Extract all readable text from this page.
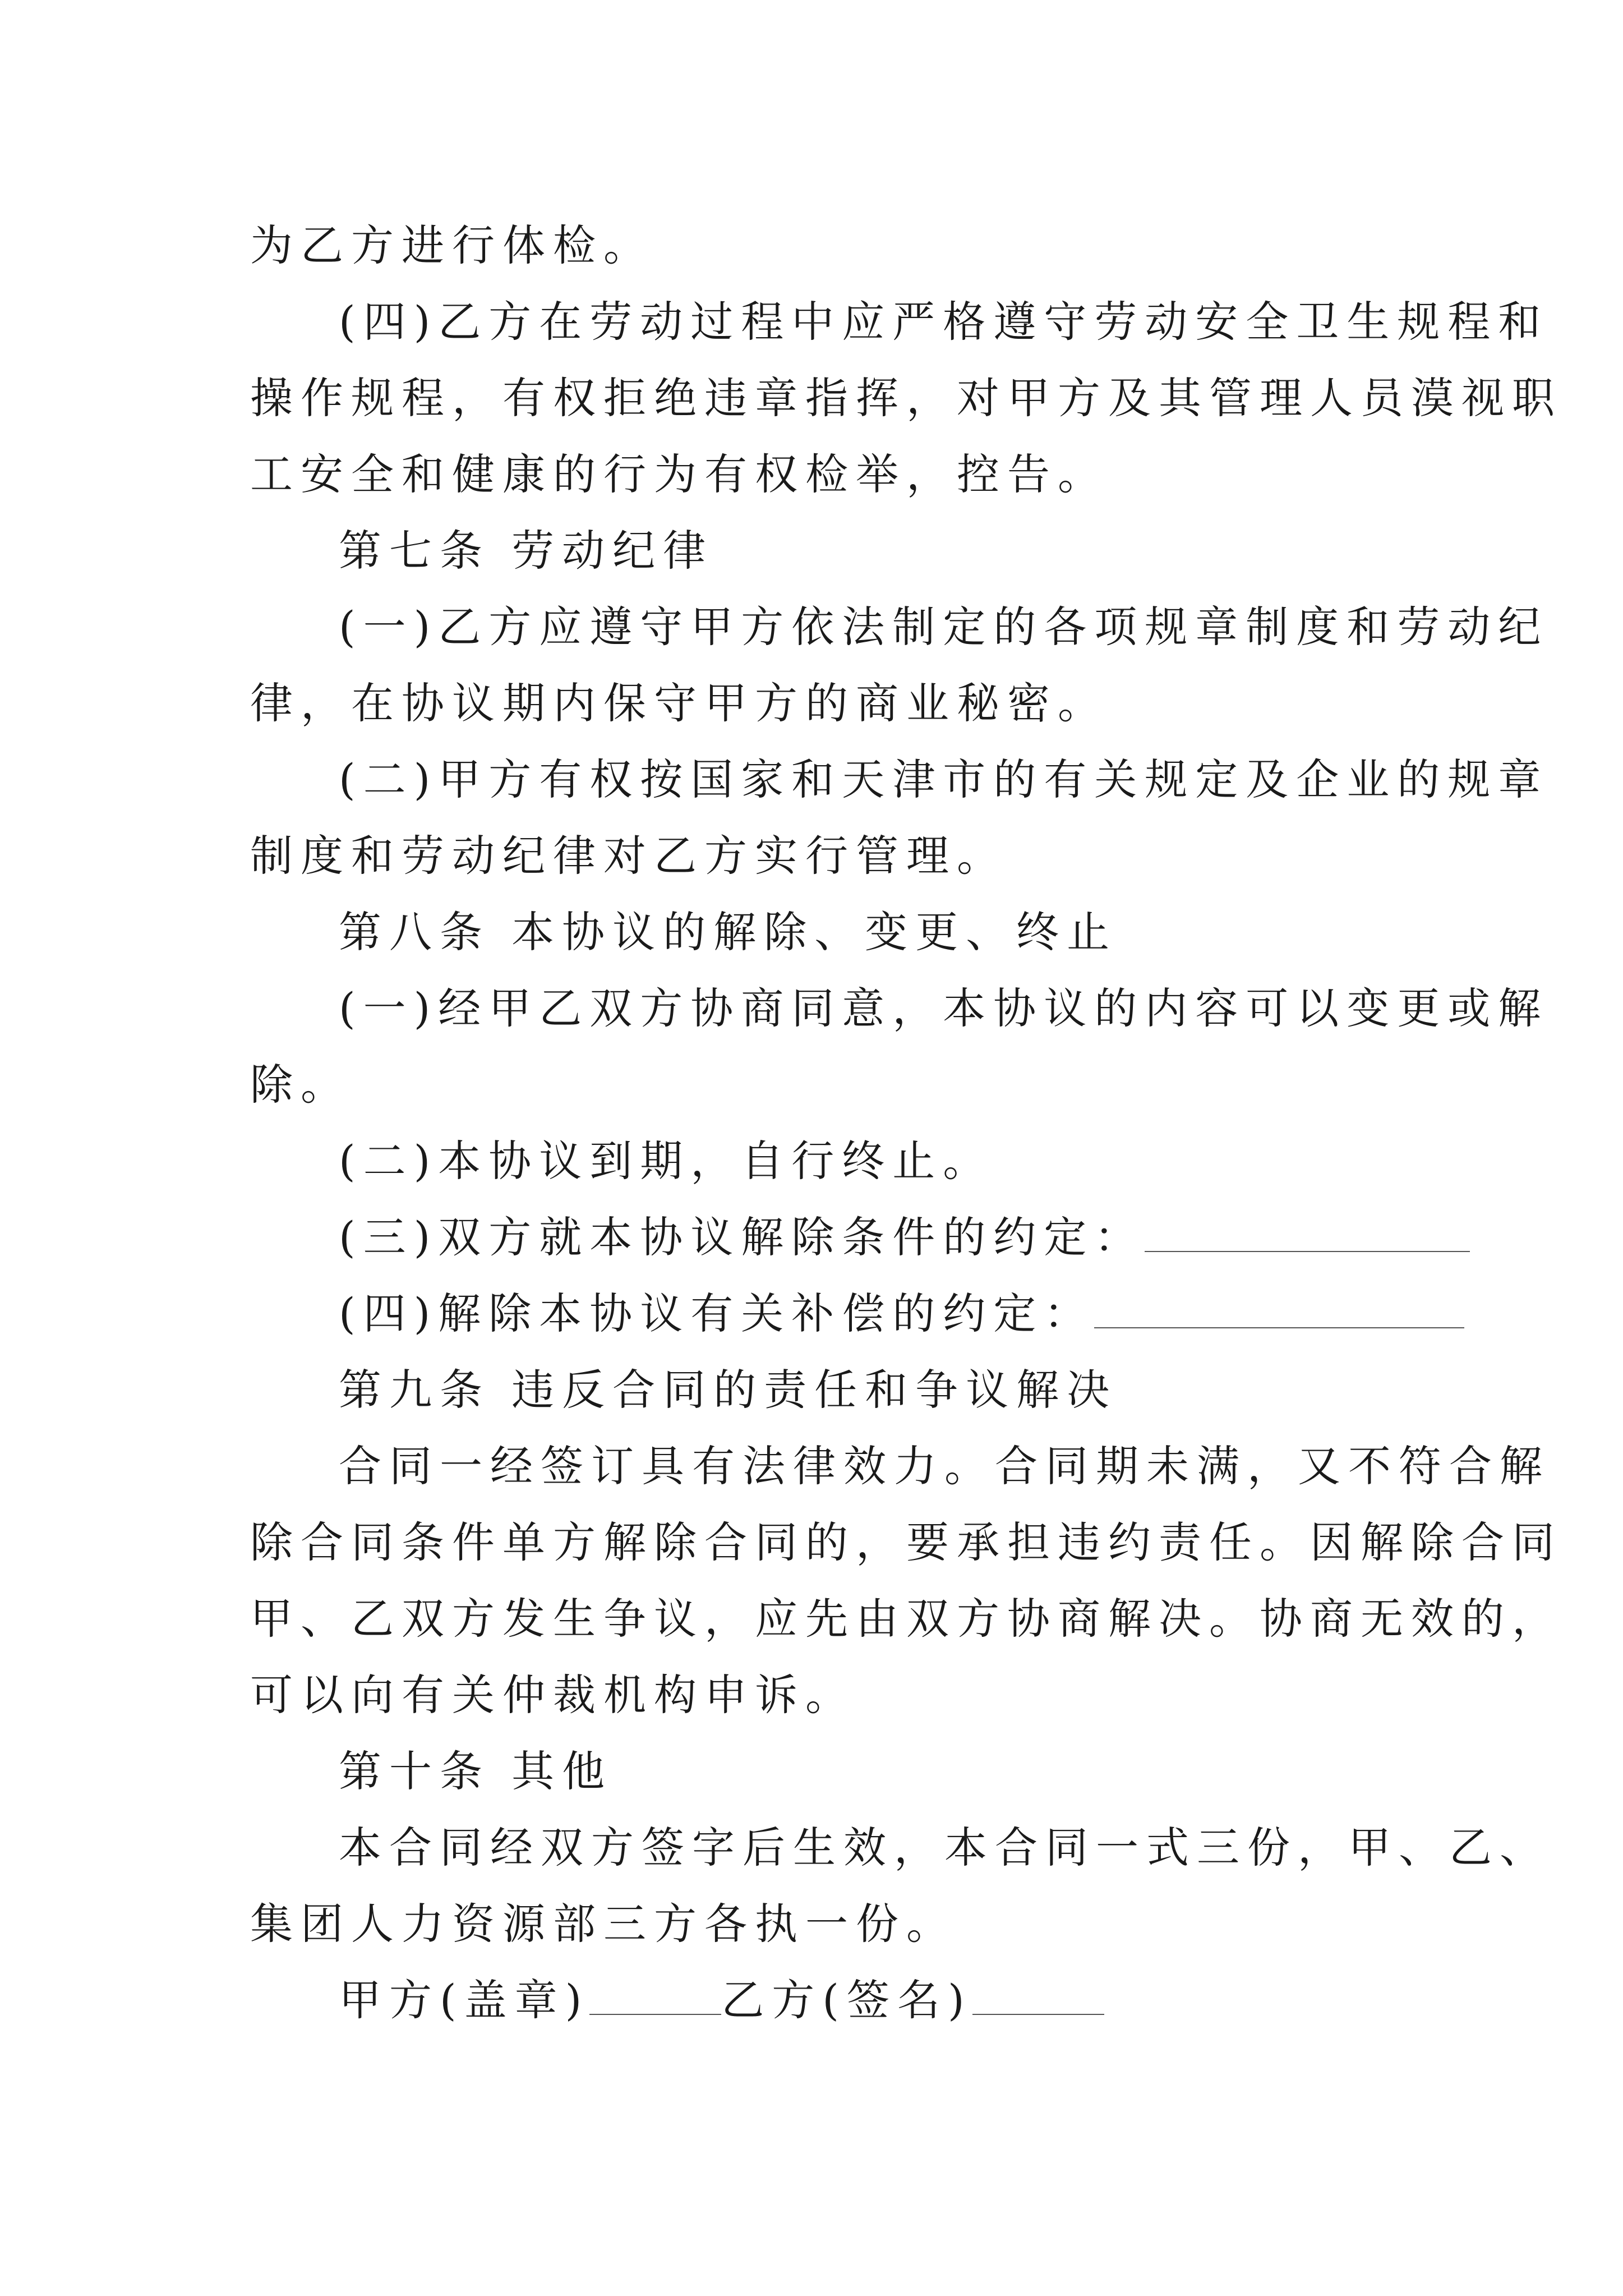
为乙方进行体检。
(四)乙方在劳动过程中应严格遵守劳动安全卫生规程和
操作规程，有权拒绝违章指挥，对甲方及其管理人员漠视职
工安全和健康的行为有权检举，控告。
第七条 劳动纪律
(一)乙方应遵守甲方依法制定的各项规章制度和劳动纪
律，在协议期内保守甲方的商业秘密。
(二)甲方有权按国家和天津市的有关规定及企业的规章
制度和劳动纪律对乙方实行管理。
第八条 本协议的解除、变更、终止
(一)经甲乙双方协商同意，本协议的内容可以变更或解
除。
(二)本协议到期，自行终止。
(三)双方就本协议解除条件的约定：
(四)解除本协议有关补偿的约定：
第九条 违反合同的责任和争议解决
合同一经签订具有法律效力。合同期未满，又不符合解
除合同条件单方解除合同的，要承担违约责任。因解除合同
甲、乙双方发生争议，应先由双方协商解决。协商无效的，
可以向有关仲裁机构申诉。
第十条 其他
本合同经双方签字后生效，本合同一式三份，甲、乙、
集团人力资源部三方各执一份。
甲方(盖章)	乙方(签名)
